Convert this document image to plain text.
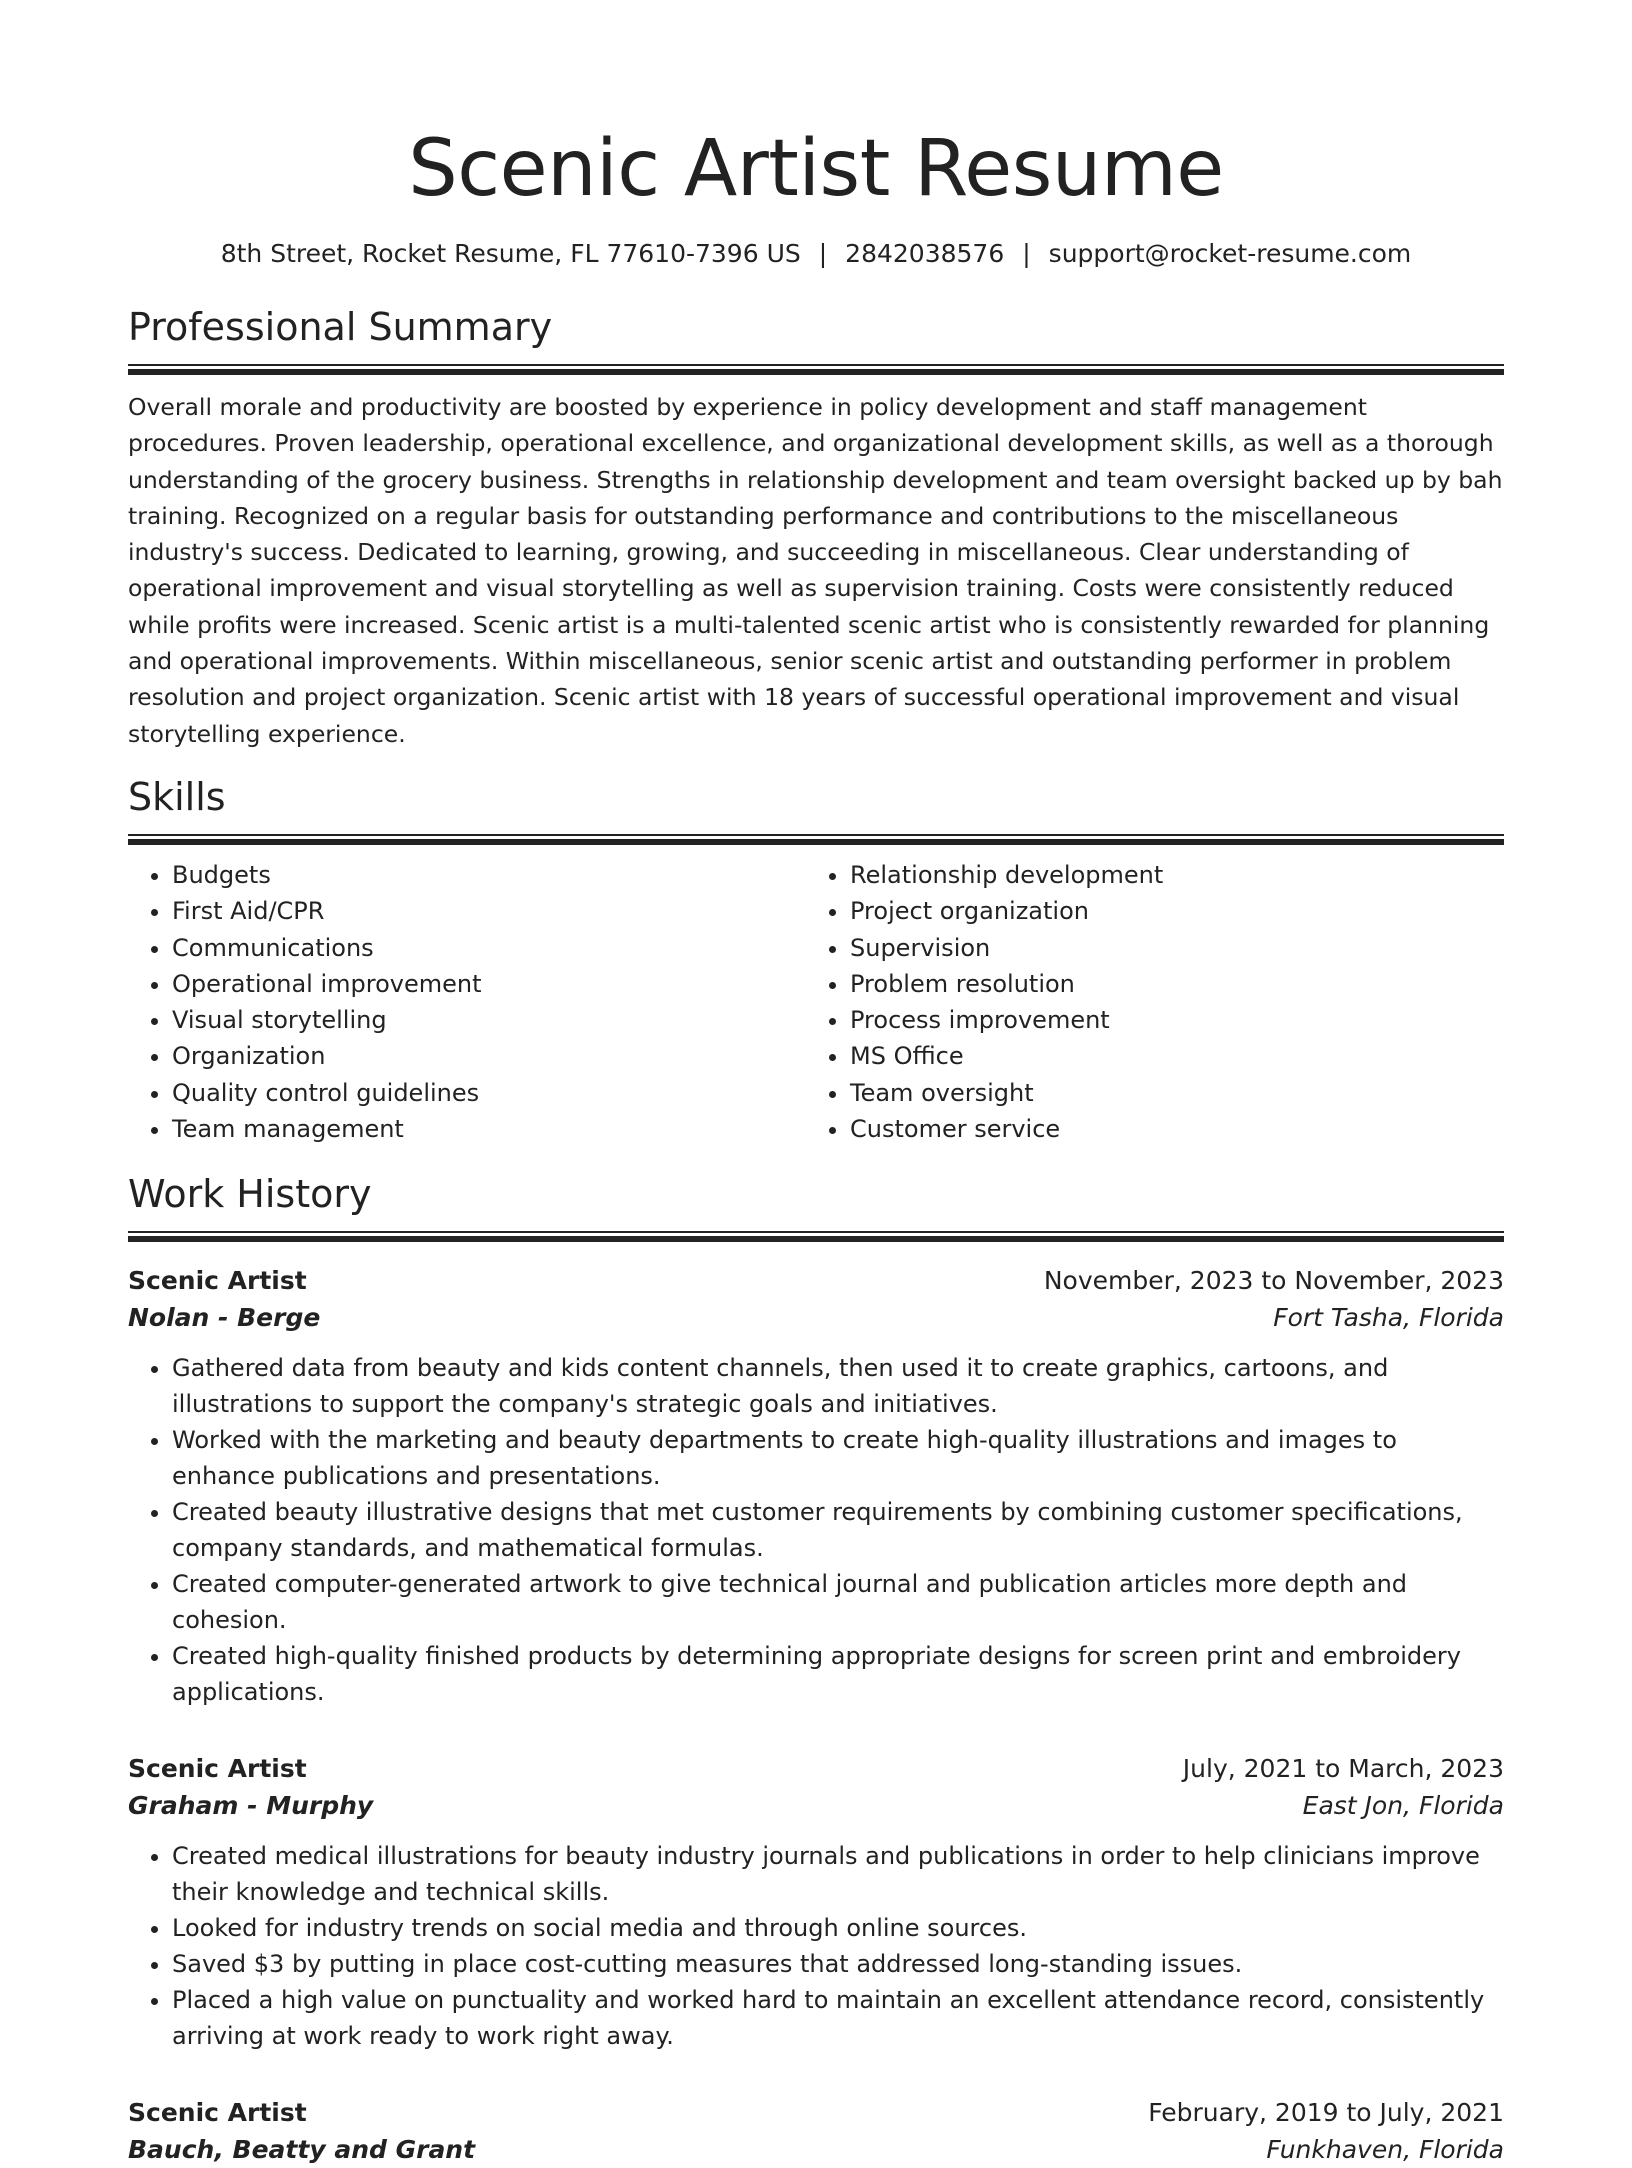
Scenic Artist Resume
8th Street, Rocket Resume, FL 77610-7396 US | 2842038576 | support@rocket-resume.com
Professional Summary

Overall morale and productivity are boosted by experience in policy development and staff management procedures. Proven leadership, operational excellence, and organizational development skills, as well as a thorough understanding of the grocery business. Strengths in relationship development and team oversight backed up by bah training. Recognized on a regular basis for outstanding performance and contributions to the miscellaneous industry's success. Dedicated to learning, growing, and succeeding in miscellaneous. Clear understanding of operational improvement and visual storytelling as well as supervision training. Costs were consistently reduced while profits were increased. Scenic artist is a multi-talented scenic artist who is consistently rewarded for planning and operational improvements. Within miscellaneous, senior scenic artist and outstanding performer in problem resolution and project organization. Scenic artist with 18 years of successful operational improvement and visual storytelling experience.

Skills
• Budgets
• First Aid/CPR
• Communications
• Operational improvement
• Visual storytelling
• Organization
• Quality control guidelines
• Team management
• Relationship development
• Project organization
• Supervision
• Problem resolution
• Process improvement
• MS Office
• Team oversight
• Customer service
Work History
Scenic Artist	November, 2023 to November, 2023
Nolan - Berge	Fort Tasha, Florida
• Gathered data from beauty and kids content channels, then used it to create graphics, cartoons, and illustrations to support the company's strategic goals and initiatives.
• Worked with the marketing and beauty departments to create high-quality illustrations and images to enhance publications and presentations.
• Created beauty illustrative designs that met customer requirements by combining customer specifications, company standards, and mathematical formulas.
• Created computer-generated artwork to give technical journal and publication articles more depth and cohesion.
• Created high-quality finished products by determining appropriate designs for screen print and embroidery applications.
Scenic Artist	July, 2021 to March, 2023
Graham - Murphy	East Jon, Florida
• Created medical illustrations for beauty industry journals and publications in order to help clinicians improve their knowledge and technical skills.
• Looked for industry trends on social media and through online sources.
• Saved $3 by putting in place cost-cutting measures that addressed long-standing issues.
• Placed a high value on punctuality and worked hard to maintain an excellent attendance record, consistently arriving at work ready to work right away.
Scenic Artist	February, 2019 to July, 2021
Bauch, Beatty and Grant	Funkhaven, Florida
